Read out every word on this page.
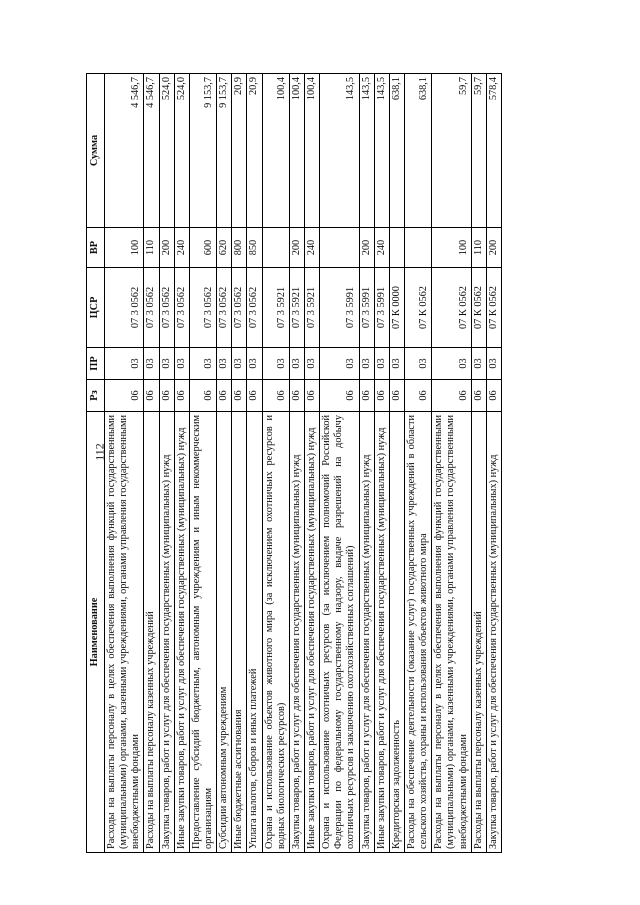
112
Наименование	Рз	ПР	ЦСР	ВР	Сумма
Расходы на выплаты персоналу в целях обеспечения выполнения функций государственными (муниципальными) органами, казенными учреждениями, органами управления государственными внебюджетными фондами	06	03	07 3 0562	100	4 546,7
Расходы на выплаты персоналу казенных учреждений	06	03	07 3 0562	110	4 546,7
Закупка товаров, работ и услуг для обеспечения государственных (муниципальных) нужд	06	03	07 3 0562	200	524,0
Иные закупки товаров, работ и услуг для обеспечения государственных (муниципальных) нужд	06	03	07 3 0562	240	524,0
Предоставление субсидий бюджетным, автономным учреждениям и иным некоммерческим организациям	06	03	07 3 0562	600	9 153,7
Субсидии автономным учреждениям	06	03	07 3 0562	620	9 153,7
Иные бюджетные ассигнования	06	03	07 3 0562	800	20,9
Уплата налогов, сборов и иных платежей	06	03	07 3 0562	850	20,9
Охрана и использование объектов животного мира (за исключением охотничьих ресурсов и водных биологических ресурсов)	06	03	07 3 5921		100,4
Закупка товаров, работ и услуг для обеспечения государственных (муниципальных) нужд	06	03	07 3 5921	200	100,4
Иные закупки товаров, работ и услуг для обеспечения государственных (муниципальных) нужд	06	03	07 3 5921	240	100,4
Охрана и использование охотничьих ресурсов (за исключением полномочий Российской Федерации по федеральному государственному надзору, выдаче разрешений на добычу охотничьих ресурсов и заключению охотхозяйственных соглашений)	06	03	07 3 5991		143,5
Закупка товаров, работ и услуг для обеспечения государственных (муниципальных) нужд	06	03	07 3 5991	200	143,5
Иные закупки товаров, работ и услуг для обеспечения государственных (муниципальных) нужд	06	03	07 3 5991	240	143,5
Кредиторская задолженность	06	03	07 К 0000		638,1
Расходы на обеспечение деятельности (оказание услуг) государственных учреждений в области сельского хозяйства, охраны и использования объектов животного мира	06	03	07 К 0562		638,1
Расходы на выплаты персоналу в целях обеспечения выполнения функций государственными (муниципальными) органами, казенными учреждениями, органами управления государственными внебюджетными фондами	06	03	07 К 0562	100	59,7
Расходы на выплаты персоналу казенных учреждений	06	03	07 К 0562	110	59,7
Закупка товаров, работ и услуг для обеспечения государственных (муниципальных) нужд	06	03	07 К 0562	200	578,4
